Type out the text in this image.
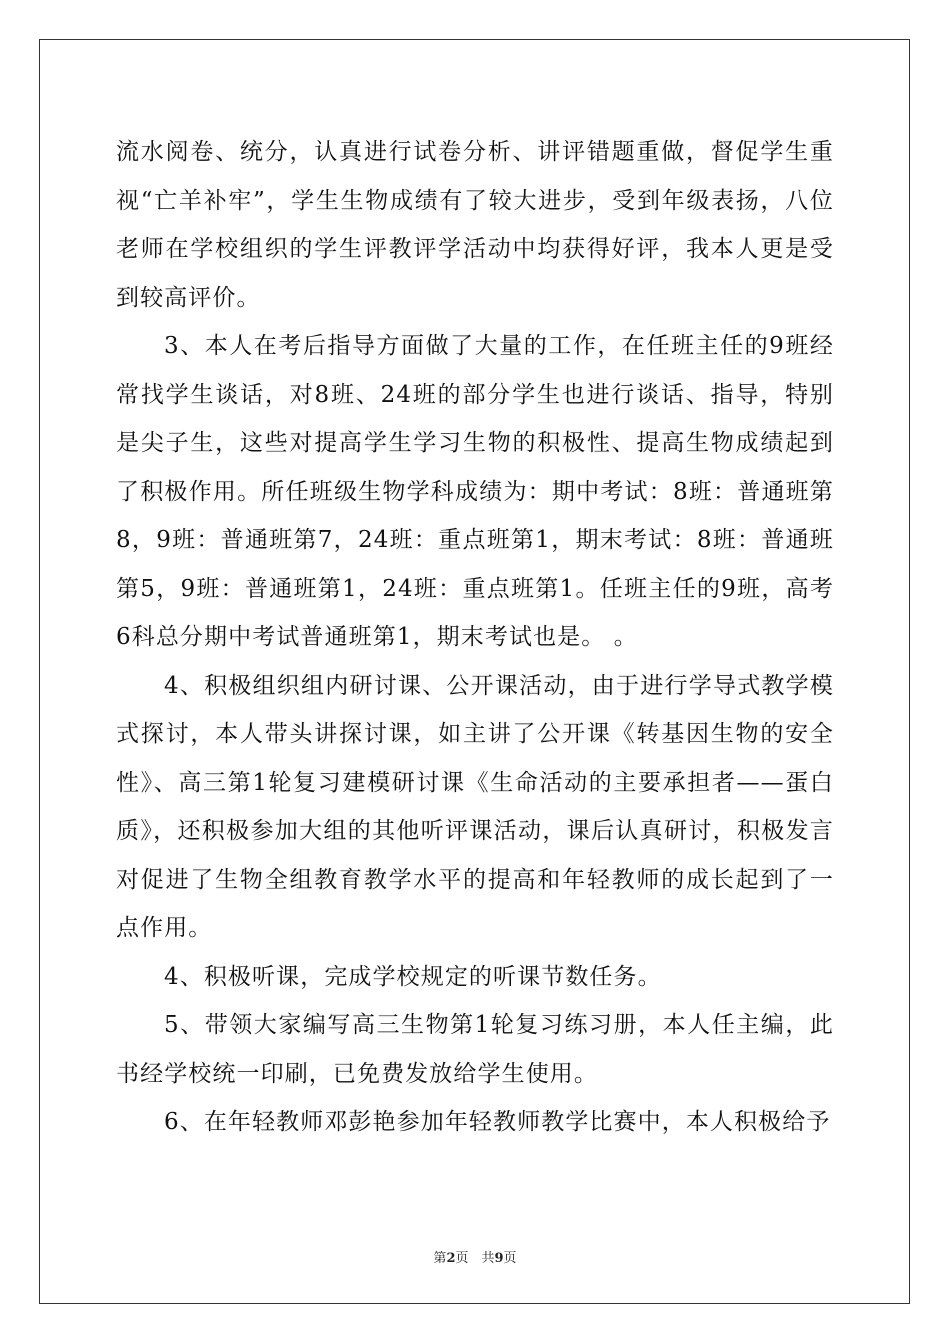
流水阅卷、统分，认真进行试卷分析、讲评错题重做，督促学生重视“亡羊补牢”，学生生物成绩有了较大进步，受到年级表扬，八位老师在学校组织的学生评教评学活动中均获得好评，我本人更是受到较高评价。

3、本人在考后指导方面做了大量的工作，在任班主任的9班经常找学生谈话，对8班、24班的部分学生也进行谈话、指导，特别是尖子生，这些对提高学生学习生物的积极性、提高生物成绩起到了积极作用。所任班级生物学科成绩为：期中考试：8班：普通班第8，9班：普通班第7，24班：重点班第1，期末考试：8班：普通班第5，9班：普通班第1，24班：重点班第1。任班主任的9班，高考6科总分期中考试普通班第1，期末考试也是。 。

4、积极组织组内研讨课、公开课活动，由于进行学导式教学模式探讨，本人带头讲探讨课，如主讲了公开课《转基因生物的安全性》、高三第1轮复习建模研讨课《生命活动的主要承担者——蛋白质》，还积极参加大组的其他听评课活动，课后认真研讨，积极发言对促进了生物全组教育教学水平的提高和年轻教师的成长起到了一点作用。

4、积极听课，完成学校规定的听课节数任务。

5、带领大家编写高三生物第1轮复习练习册，本人任主编，此书经学校统一印刷，已免费发放给学生使用。

6、在年轻教师邓彭艳参加年轻教师教学比赛中，本人积极给予

第2页　共9页
